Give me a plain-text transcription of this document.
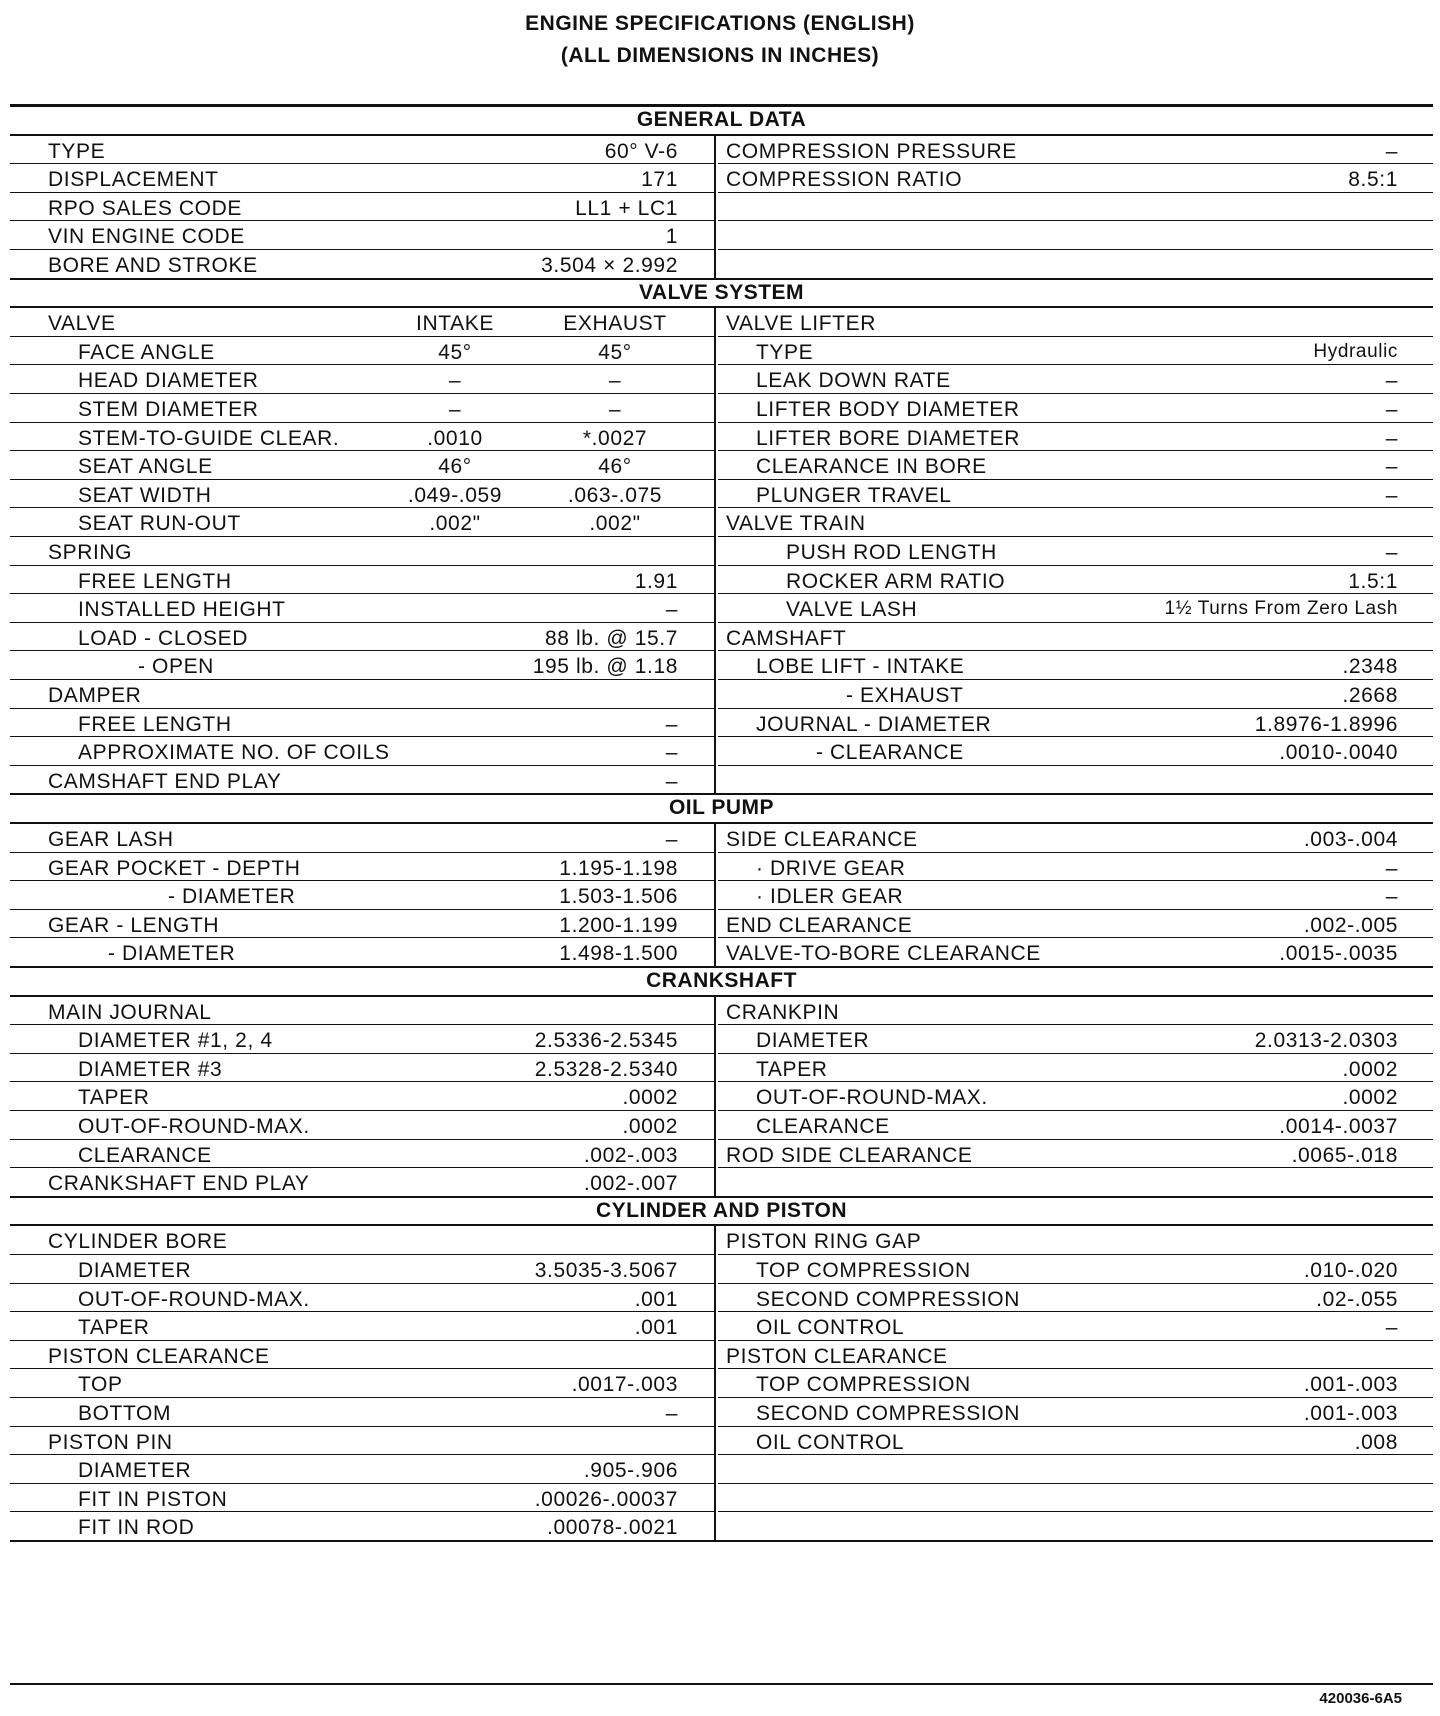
ENGINE SPECIFICATIONS (ENGLISH)
(ALL DIMENSIONS IN INCHES)
GENERAL DATA
TYPE	60° V-6
DISPLACEMENT	171
RPO SALES CODE	LL1 + LC1
VIN ENGINE CODE	1
BORE AND STROKE	3.504 × 2.992
COMPRESSION PRESSURE	–
COMPRESSION RATIO	8.5:1
VALVE SYSTEM
VALVE	INTAKE	EXHAUST
FACE ANGLE	45°	45°
HEAD DIAMETER	–	–
STEM DIAMETER	–	–
STEM-TO-GUIDE CLEAR.	.0010	*.0027
SEAT ANGLE	46°	46°
SEAT WIDTH	.049-.059	.063-.075
SEAT RUN-OUT	.002"	.002"
SPRING
FREE LENGTH	1.91
INSTALLED HEIGHT	–
LOAD - CLOSED	88 lb. @ 15.7
- OPEN	195 lb. @ 1.18
DAMPER
FREE LENGTH	–
APPROXIMATE NO. OF COILS	–
CAMSHAFT END PLAY	–
VALVE LIFTER
TYPE	Hydraulic
LEAK DOWN RATE	–
LIFTER BODY DIAMETER	–
LIFTER BORE DIAMETER	–
CLEARANCE IN BORE	–
PLUNGER TRAVEL	–
VALVE TRAIN
PUSH ROD LENGTH	–
ROCKER ARM RATIO	1.5:1
VALVE LASH	1½ Turns From Zero Lash
CAMSHAFT
LOBE LIFT - INTAKE	.2348
- EXHAUST	.2668
JOURNAL - DIAMETER	1.8976-1.8996
- CLEARANCE	.0010-.0040
OIL PUMP
GEAR LASH	–
GEAR POCKET - DEPTH	1.195-1.198
- DIAMETER	1.503-1.506
GEAR - LENGTH	1.200-1.199
- DIAMETER	1.498-1.500
SIDE CLEARANCE	.003-.004
· DRIVE GEAR	–
· IDLER GEAR	–
END CLEARANCE	.002-.005
VALVE-TO-BORE CLEARANCE	.0015-.0035
CRANKSHAFT
MAIN JOURNAL
DIAMETER #1, 2, 4	2.5336-2.5345
DIAMETER #3	2.5328-2.5340
TAPER	.0002
OUT-OF-ROUND-MAX.	.0002
CLEARANCE	.002-.003
CRANKSHAFT END PLAY	.002-.007
CRANKPIN
DIAMETER	2.0313-2.0303
TAPER	.0002
OUT-OF-ROUND-MAX.	.0002
CLEARANCE	.0014-.0037
ROD SIDE CLEARANCE	.0065-.018
CYLINDER AND PISTON
CYLINDER BORE
DIAMETER	3.5035-3.5067
OUT-OF-ROUND-MAX.	.001
TAPER	.001
PISTON CLEARANCE
TOP	.0017-.003
BOTTOM	–
PISTON PIN
DIAMETER	.905-.906
FIT IN PISTON	.00026-.00037
FIT IN ROD	.00078-.0021
PISTON RING GAP
TOP COMPRESSION	.010-.020
SECOND COMPRESSION	.02-.055
OIL CONTROL	–
PISTON CLEARANCE
TOP COMPRESSION	.001-.003
SECOND COMPRESSION	.001-.003
OIL CONTROL	.008
420036-6A5
